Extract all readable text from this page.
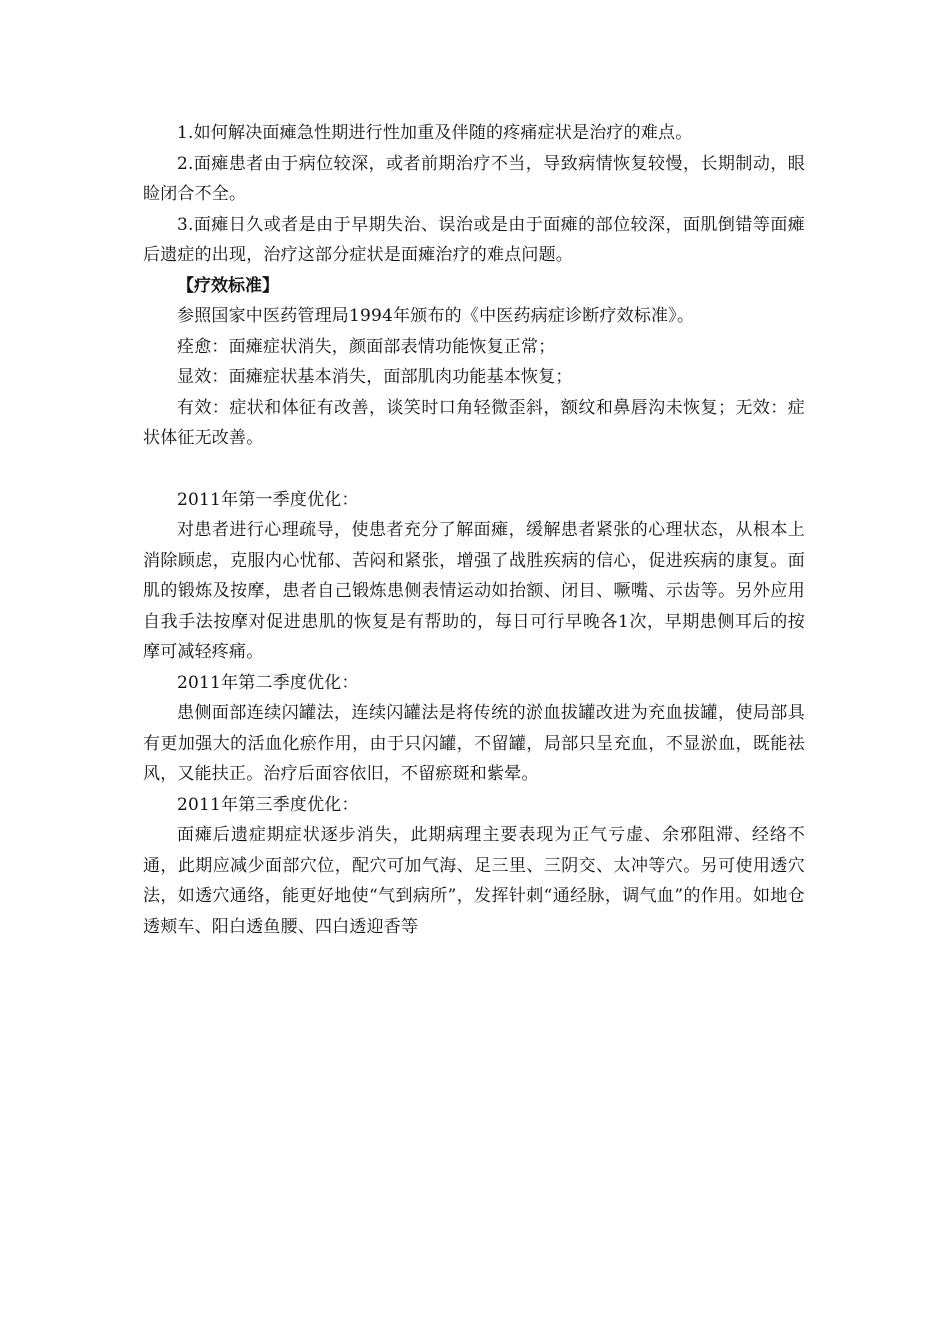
1.如何解决面瘫急性期进行性加重及伴随的疼痛症状是治疗的难点。

2.面瘫患者由于病位较深，或者前期治疗不当，导致病情恢复较慢，长期制动，眼睑闭合不全。

3.面瘫日久或者是由于早期失治、误治或是由于面瘫的部位较深，面肌倒错等面瘫后遗症的出现，治疗这部分症状是面瘫治疗的难点问题。

【疗效标准】

参照国家中医药管理局1994年颁布的《中医药病症诊断疗效标准》。

痊愈：面瘫症状消失，颜面部表情功能恢复正常；

显效：面瘫症状基本消失，面部肌肉功能基本恢复；

有效：症状和体征有改善，谈笑时口角轻微歪斜，额纹和鼻唇沟未恢复；无效：症状体征无改善。

2011年第一季度优化：

对患者进行心理疏导，使患者充分了解面瘫，缓解患者紧张的心理状态，从根本上消除顾虑，克服内心忧郁、苦闷和紧张，增强了战胜疾病的信心，促进疾病的康复。面肌的锻炼及按摩，患者自己锻炼患侧表情运动如抬额、闭目、噘嘴、示齿等。另外应用自我手法按摩对促进患肌的恢复是有帮助的，每日可行早晚各1次，早期患侧耳后的按摩可减轻疼痛。

2011年第二季度优化：

患侧面部连续闪罐法，连续闪罐法是将传统的淤血拔罐改进为充血拔罐，使局部具有更加强大的活血化瘀作用，由于只闪罐，不留罐，局部只呈充血，不显淤血，既能祛风，又能扶正。治疗后面容依旧，不留瘀斑和紫晕。

2011年第三季度优化：

面瘫后遗症期症状逐步消失，此期病理主要表现为正气亏虚、余邪阻滞、经络不通，此期应减少面部穴位，配穴可加气海、足三里、三阴交、太冲等穴。另可使用透穴法，如透穴通络，能更好地使“气到病所”，发挥针刺“通经脉，调气血”的作用。如地仓透颊车、阳白透鱼腰、四白透迎香等
